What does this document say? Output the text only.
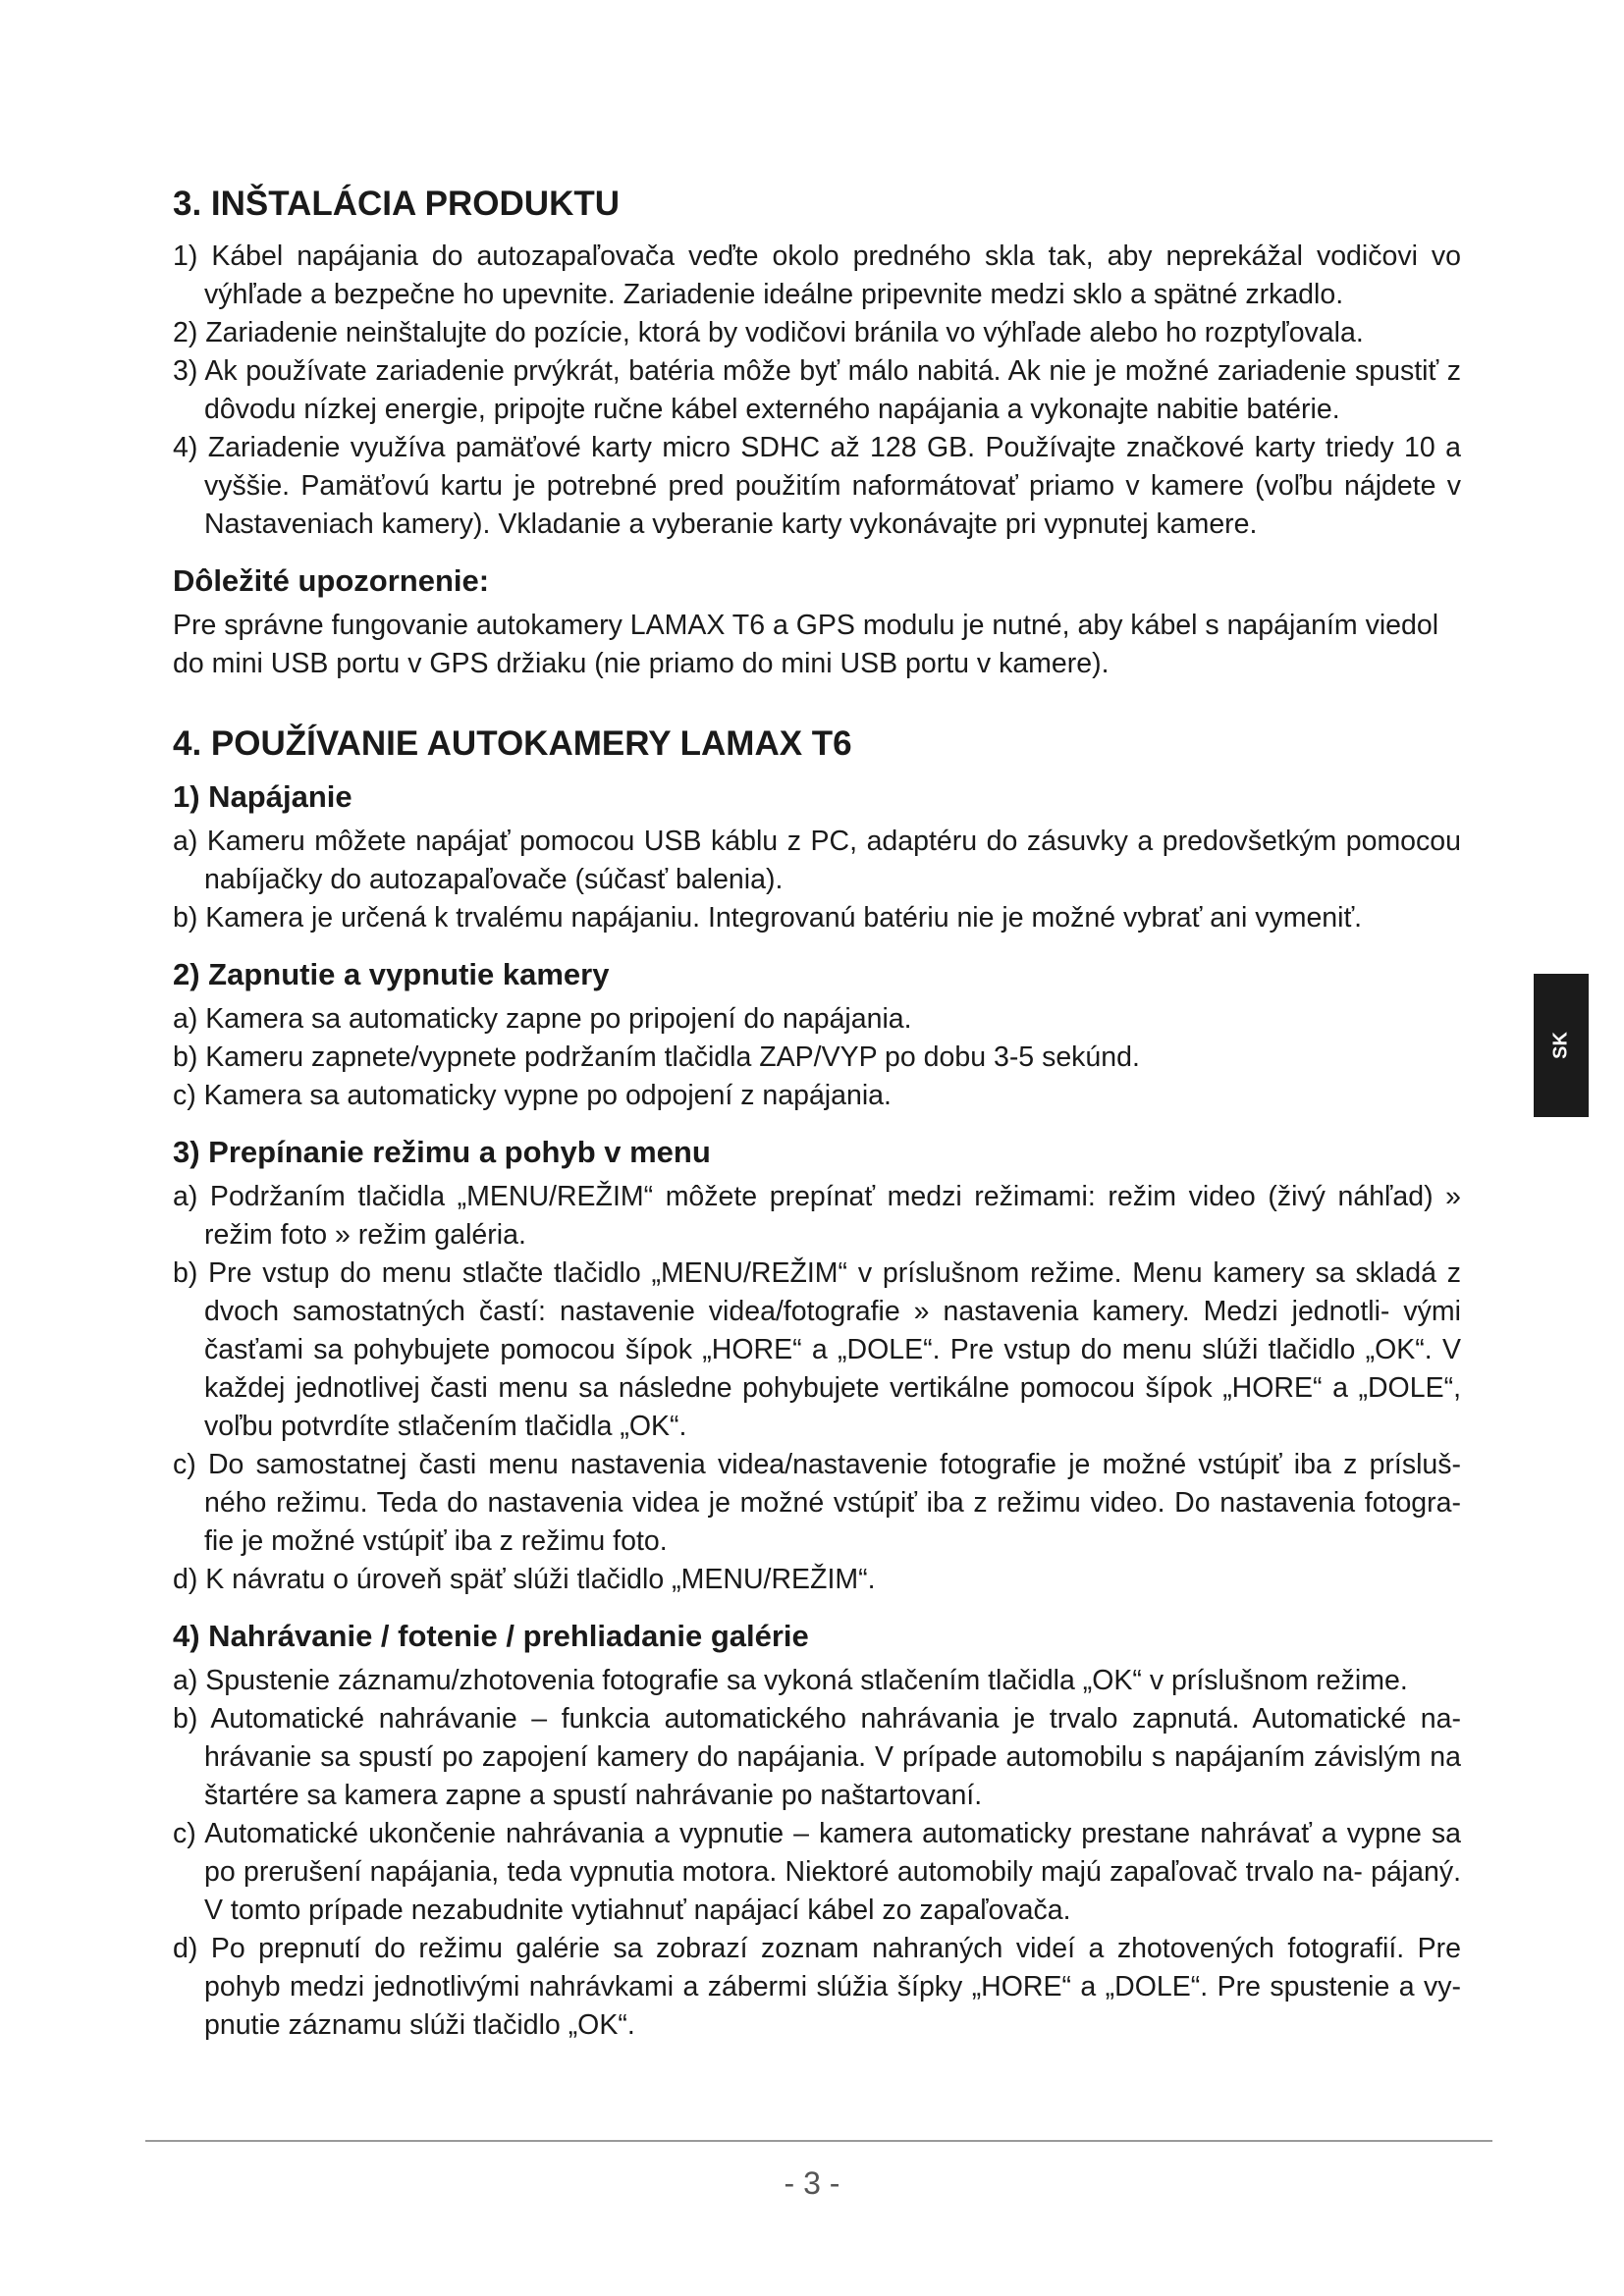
3. INŠTALÁCIA PRODUKTU

1) Kábel napájania do autozapaľovača veďte okolo predného skla tak, aby neprekážal vodičovi vo výhľade a bezpečne ho upevnite. Zariadenie ideálne pripevnite medzi sklo a spätné zrkadlo.

2) Zariadenie neinštalujte do pozície, ktorá by vodičovi bránila vo výhľade alebo ho rozptyľovala.

3) Ak používate zariadenie prvýkrát, batéria môže byť málo nabitá. Ak nie je možné zariadenie spustiť z dôvodu nízkej energie, pripojte ručne kábel externého napájania a vykonajte nabitie batérie.

4) Zariadenie využíva pamäťové karty micro SDHC až 128 GB. Používajte značkové karty triedy 10 a vyššie. Pamäťovú kartu je potrebné pred použitím naformátovať priamo v kamere (voľbu nájdete v Nastaveniach kamery). Vkladanie a vyberanie karty vykonávajte pri vypnutej kamere.

Dôležité upozornenie:

Pre správne fungovanie autokamery LAMAX T6 a GPS modulu je nutné, aby kábel s napájaním viedol do mini USB portu v GPS držiaku (nie priamo do mini USB portu v kamere).

4. POUŽÍVANIE AUTOKAMERY LAMAX T6
1) Napájanie

a) Kameru môžete napájať pomocou USB káblu z PC, adaptéru do zásuvky a predovšetkým pomocou nabíjačky do autozapaľovače (súčasť balenia).

b) Kamera je určená k trvalému napájaniu. Integrovanú batériu nie je možné vybrať ani vymeniť.

2) Zapnutie a vypnutie kamery

a) Kamera sa automaticky zapne po pripojení do napájania.

b) Kameru zapnete/vypnete podržaním tlačidla ZAP/VYP po dobu 3-5 sekúnd.

c) Kamera sa automaticky vypne po odpojení z napájania.

3) Prepínanie režimu a pohyb v menu

a) Podržaním tlačidla „MENU/REŽIM“ môžete prepínať medzi režimami: režim video (živý náhľad) » režim foto » režim galéria.

b) Pre vstup do menu stlačte tlačidlo „MENU/REŽIM“ v príslušnom režime. Menu kamery sa skladá z dvoch samostatných častí: nastavenie videa/fotografie » nastavenia kamery. Medzi jednotli- vými časťami sa pohybujete pomocou šípok „HORE“ a „DOLE“. Pre vstup do menu slúži tlačidlo „OK“. V každej jednotlivej časti menu sa následne pohybujete vertikálne pomocou šípok „HORE“ a „DOLE“, voľbu potvrdíte stlačením tlačidla „OK“.

c) Do samostatnej časti menu nastavenia videa/nastavenie fotografie je možné vstúpiť iba z prísluš- ného režimu. Teda do nastavenia videa je možné vstúpiť iba z režimu video. Do nastavenia fotogra- fie je možné vstúpiť iba z režimu foto.

d) K návratu o úroveň späť slúži tlačidlo „MENU/REŽIM“.

4) Nahrávanie / fotenie / prehliadanie galérie

a) Spustenie záznamu/zhotovenia fotografie sa vykoná stlačením tlačidla „OK“ v príslušnom režime.

b) Automatické nahrávanie – funkcia automatického nahrávania je trvalo zapnutá. Automatické na- hrávanie sa spustí po zapojení kamery do napájania. V prípade automobilu s napájaním závislým na štartére sa kamera zapne a spustí nahrávanie po naštartovaní.

c) Automatické ukončenie nahrávania a vypnutie – kamera automaticky prestane nahrávať a vypne sa po prerušení napájania, teda vypnutia motora. Niektoré automobily majú zapaľovač trvalo na- pájaný. V tomto prípade nezabudnite vytiahnuť napájací kábel zo zapaľovača.

d) Po prepnutí do režimu galérie sa zobrazí zoznam nahraných videí a zhotovených fotografií. Pre pohyb medzi jednotlivými nahrávkami a zábermi slúžia šípky „HORE“ a „DOLE“. Pre spustenie a vy- pnutie záznamu slúži tlačidlo „OK“.

SK
- 3 -
